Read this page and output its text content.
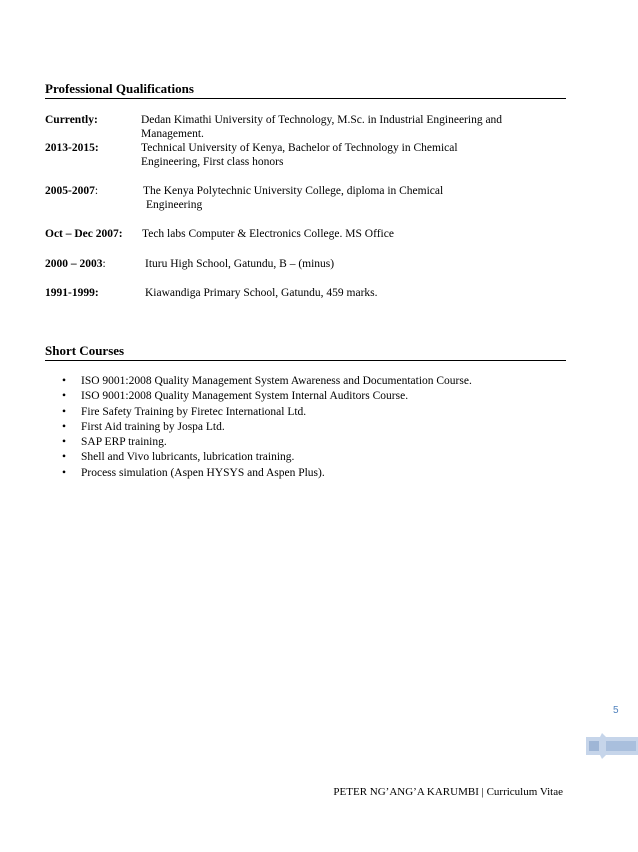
Professional Qualifications
Currently:	Dedan Kimathi University of Technology, M.Sc. in Industrial Engineering and
Management.
2013-2015:	Technical University of Kenya, Bachelor of Technology in Chemical
Engineering, First class honors
2005-2007:	The Kenya Polytechnic University College, diploma in Chemical
Engineering
Oct – Dec 2007: Tech labs Computer & Electronics College. MS Office
2000 – 2003:	Ituru High School, Gatundu, B – (minus)
1991-1999:	Kiawandiga Primary School, Gatundu, 459 marks.
Short Courses
• ISO 9001:2008 Quality Management System Awareness and Documentation Course.
• ISO 9001:2008 Quality Management System Internal Auditors Course.
• Fire Safety Training by Firetec International Ltd.
• First Aid training by Jospa Ltd.
• SAP ERP training.
• Shell and Vivo lubricants, lubrication training.
• Process simulation (Aspen HYSYS and Aspen Plus).
5
PETER NG’ANG’A KARUMBI | Curriculum Vitae
